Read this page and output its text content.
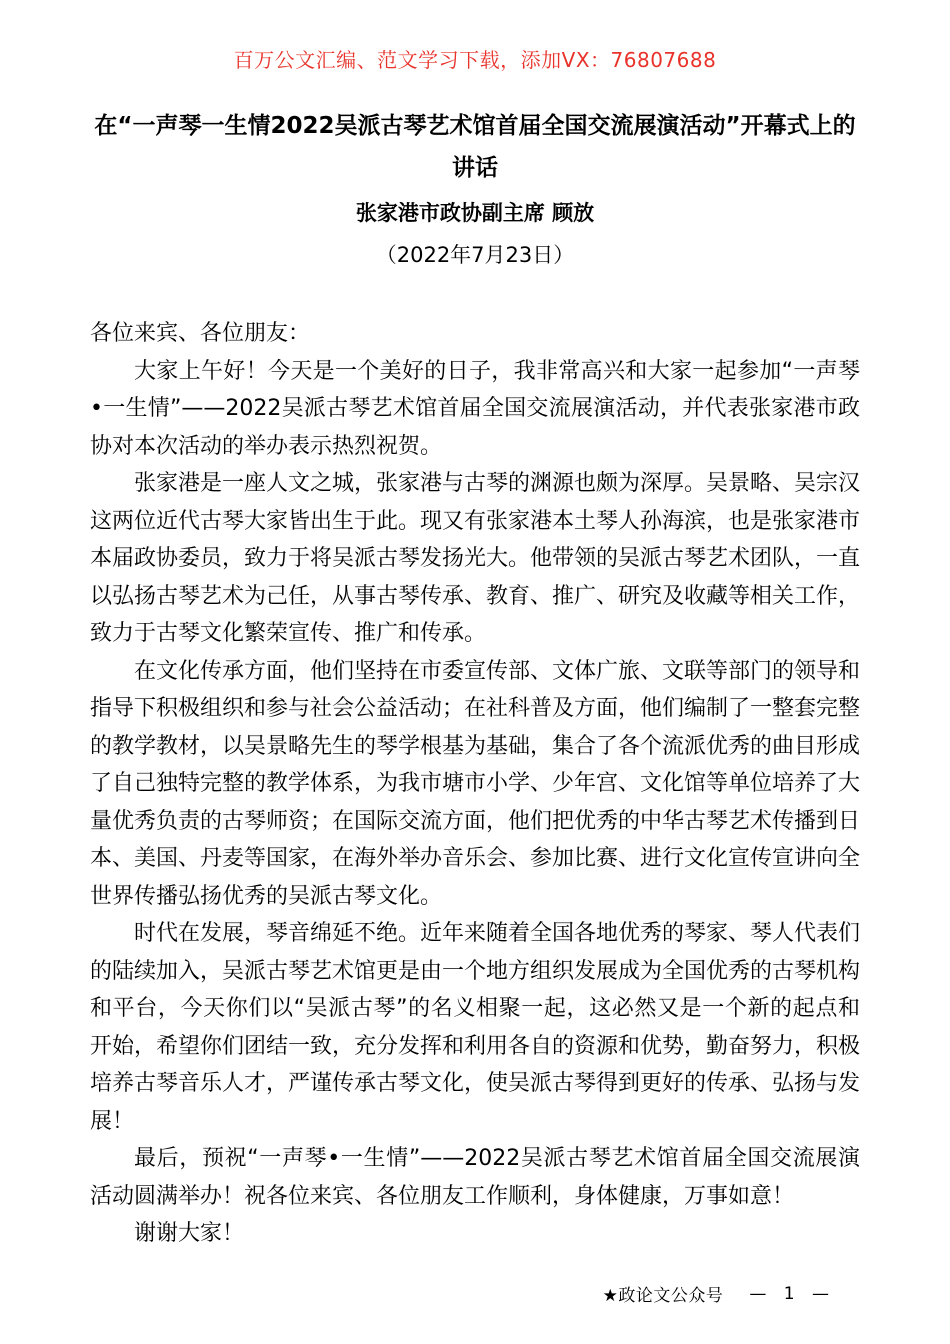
百万公文汇编、范文学习下载，添加VX：76807688
在“一声琴一生情2022吴派古琴艺术馆首届全国交流展演活动”开幕式上的讲话
张家港市政协副主席 顾放
（2022年7月23日）

各位来宾、各位朋友：

大家上午好！今天是一个美好的日子，我非常高兴和大家一起参加“一声琴•一生情”——2022吴派古琴艺术馆首届全国交流展演活动，并代表张家港市政协对本次活动的举办表示热烈祝贺。

张家港是一座人文之城，张家港与古琴的渊源也颇为深厚。吴景略、吴宗汉这两位近代古琴大家皆出生于此。现又有张家港本土琴人孙海滨，也是张家港市本届政协委员，致力于将吴派古琴发扬光大。他带领的吴派古琴艺术团队，一直以弘扬古琴艺术为己任，从事古琴传承、教育、推广、研究及收藏等相关工作，致力于古琴文化繁荣宣传、推广和传承。

在文化传承方面，他们坚持在市委宣传部、文体广旅、文联等部门的领导和指导下积极组织和参与社会公益活动；在社科普及方面，他们编制了一整套完整的教学教材，以吴景略先生的琴学根基为基础，集合了各个流派优秀的曲目形成了自己独特完整的教学体系，为我市塘市小学、少年宫、文化馆等单位培养了大量优秀负责的古琴师资；在国际交流方面，他们把优秀的中华古琴艺术传播到日本、美国、丹麦等国家，在海外举办音乐会、参加比赛、进行文化宣传宣讲向全世界传播弘扬优秀的吴派古琴文化。

时代在发展，琴音绵延不绝。近年来随着全国各地优秀的琴家、琴人代表们的陆续加入，吴派古琴艺术馆更是由一个地方组织发展成为全国优秀的古琴机构和平台，今天你们以“吴派古琴”的名义相聚一起，这必然又是一个新的起点和开始，希望你们团结一致，充分发挥和利用各自的资源和优势，勤奋努力，积极培养古琴音乐人才，严谨传承古琴文化，使吴派古琴得到更好的传承、弘扬与发展！

最后，预祝“一声琴•一生情”——2022吴派古琴艺术馆首届全国交流展演活动圆满举办！祝各位来宾、各位朋友工作顺利，身体健康，万事如意！

谢谢大家！

★政论文公众号 — 1 —
